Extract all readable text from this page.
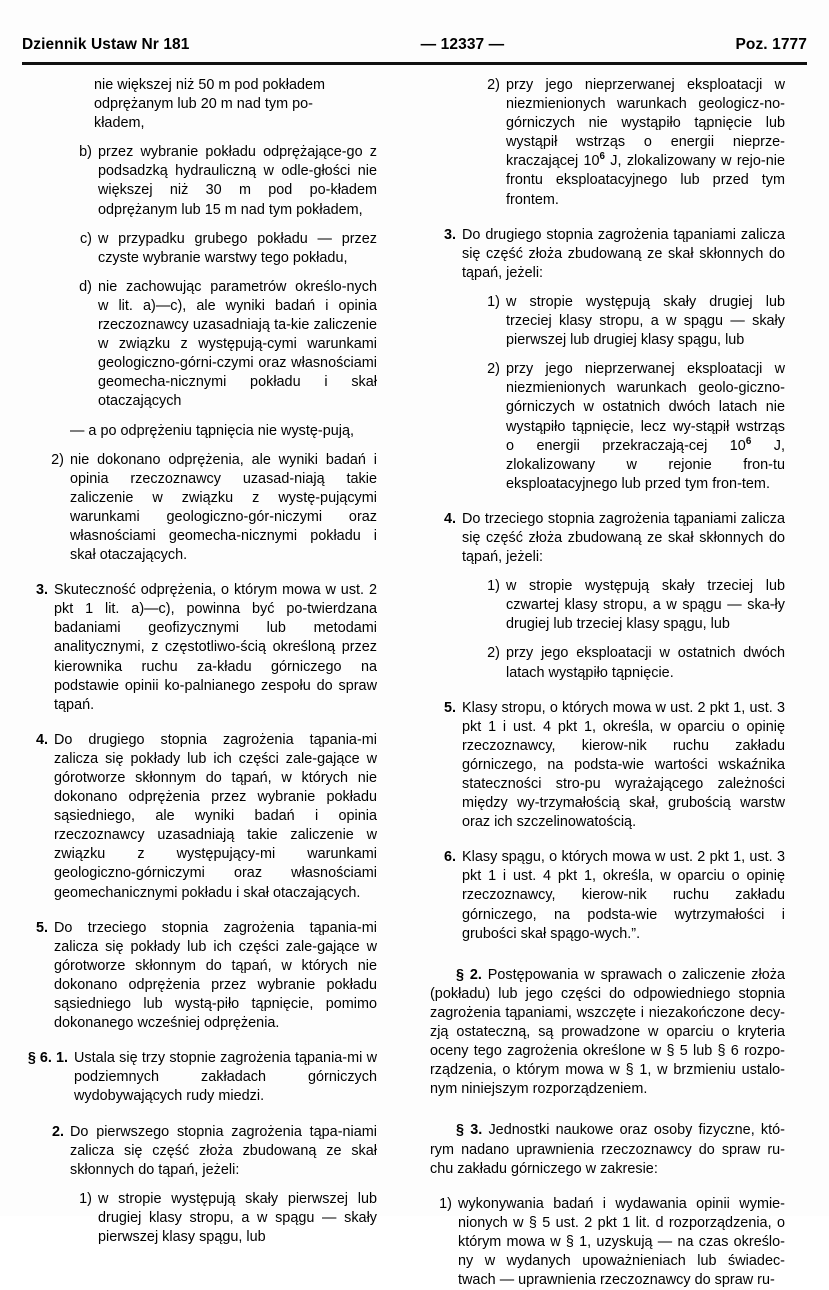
Dziennik Ustaw Nr 181	— 12337 —	Poz. 1777
nie większej niż 50 m pod pokładem
odprężanym lub 20 m nad tym po-
kładem,
b) przez wybranie pokładu odprężające-go z podsadzką hydrauliczną w odle-głości nie większej niż 30 m pod po-kładem odprężanym lub 15 m nad tym pokładem,
c) w przypadku grubego pokładu — przez czyste wybranie warstwy tego pokładu,
d) nie zachowując parametrów określo-nych w lit. a)—c), ale wyniki badań i opinia rzeczoznawcy uzasadniają ta-kie zaliczenie w związku z występują-cymi warunkami geologiczno-górni-czymi oraz własnościami geomecha-nicznymi pokładu i skał otaczających
— a po odprężeniu tąpnięcia nie wystę-pują,
2) nie dokonano odprężenia, ale wyniki badań i opinia rzeczoznawcy uzasad-niają takie zaliczenie w związku z wystę-pującymi warunkami geologiczno-gór-niczymi oraz własnościami geomecha-nicznymi pokładu i skał otaczających.
3. Skuteczność odprężenia, o którym mowa w ust. 2 pkt 1 lit. a)—c), powinna być po-twierdzana badaniami geofizycznymi lub metodami analitycznymi, z częstotliwo-ścią określoną przez kierownika ruchu za-kładu górniczego na podstawie opinii ko-palnianego zespołu do spraw tąpań.
4. Do drugiego stopnia zagrożenia tąpania-mi zalicza się pokłady lub ich części zale-gające w górotworze skłonnym do tąpań, w których nie dokonano odprężenia przez wybranie pokładu sąsiedniego, ale wyniki badań i opinia rzeczoznawcy uzasadniają takie zaliczenie w związku z występujący-mi warunkami geologiczno-górniczymi oraz własnościami geomechanicznymi pokładu i skał otaczających.
5. Do trzeciego stopnia zagrożenia tąpania-mi zalicza się pokłady lub ich części zale-gające w górotworze skłonnym do tąpań, w których nie dokonano odprężenia przez wybranie pokładu sąsiedniego lub wystą-piło tąpnięcie, pomimo dokonanego wcześniej odprężenia.
§ 6. 1. Ustala się trzy stopnie zagrożenia tąpania-mi w podziemnych zakładach górniczych wydobywających rudy miedzi.
2. Do pierwszego stopnia zagrożenia tąpa-niami zalicza się część złoża zbudowaną ze skał skłonnych do tąpań, jeżeli:
1) w stropie występują skały pierwszej lub drugiej klasy stropu, a w spągu — skały pierwszej klasy spągu, lub
2) przy jego nieprzerwanej eksploatacji w niezmienionych warunkach geologicz-no-górniczych nie wystąpiło tąpnięcie lub wystąpił wstrząs o energii nieprze-kraczającej $10^6$ J, zlokalizowany w rejo-nie frontu eksploatacyjnego lub przed tym frontem.
3. Do drugiego stopnia zagrożenia tąpaniami zalicza się część złoża zbudowaną ze skał skłonnych do tąpań, jeżeli:
1) w stropie występują skały drugiej lub trzeciej klasy stropu, a w spągu — skały pierwszej lub drugiej klasy spągu, lub
2) przy jego nieprzerwanej eksploatacji w niezmienionych warunkach geolo-giczno-górniczych w ostatnich dwóch latach nie wystąpiło tąpnięcie, lecz wy-stąpił wstrząs o energii przekraczają-cej $10^6$ J, zlokalizowany w rejonie fron-tu eksploatacyjnego lub przed tym fron-tem.
4. Do trzeciego stopnia zagrożenia tąpaniami zalicza się część złoża zbudowaną ze skał skłonnych do tąpań, jeżeli:
1) w stropie występują skały trzeciej lub czwartej klasy stropu, a w spągu — ska-ły drugiej lub trzeciej klasy spągu, lub
2) przy jego eksploatacji w ostatnich dwóch latach wystąpiło tąpnięcie.
5. Klasy stropu, o których mowa w ust. 2 pkt 1, ust. 3 pkt 1 i ust. 4 pkt 1, określa, w oparciu o opinię rzeczoznawcy, kierow-nik ruchu zakładu górniczego, na podsta-wie wartości wskaźnika stateczności stro-pu wyrażającego zależności między wy-trzymałością skał, grubością warstw oraz ich szczelinowatością.
6. Klasy spągu, o których mowa w ust. 2 pkt 1, ust. 3 pkt 1 i ust. 4 pkt 1, określa, w oparciu o opinię rzeczoznawcy, kierow-nik ruchu zakładu górniczego, na podsta-wie wytrzymałości i grubości skał spągo-wych.”.
§ 2. Postępowania w sprawach o zaliczenie złoża (pokładu) lub jego części do odpowiedniego stopnia zagrożenia tąpaniami, wszczęte i niezakończone decy-zją ostateczną, są prowadzone w oparciu o kryteria oceny tego zagrożenia określone w § 5 lub § 6 rozpo-rządzenia, o którym mowa w § 1, w brzmieniu ustalo-nym niniejszym rozporządzeniem.
§ 3. Jednostki naukowe oraz osoby fizyczne, któ-rym nadano uprawnienia rzeczoznawcy do spraw ru-chu zakładu górniczego w zakresie:
1) wykonywania badań i wydawania opinii wymie-nionych w § 5 ust. 2 pkt 1 lit. d rozporządzenia, o którym mowa w § 1, uzyskują — na czas określo-ny w wydanych upoważnieniach lub świadec-twach — uprawnienia rzeczoznawcy do spraw ru-
